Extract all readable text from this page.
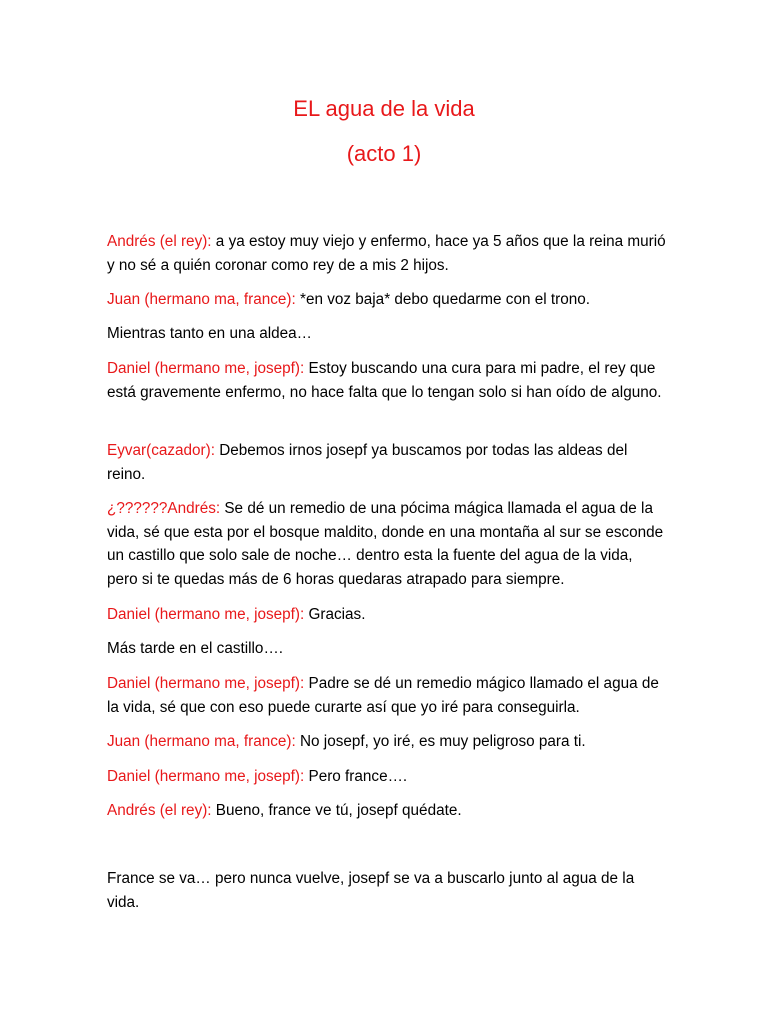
EL agua de la vida
(acto 1)

Andrés (el rey): a ya estoy muy viejo y enfermo, hace ya 5 años que la reina murió y no sé a quién coronar como rey de a mis 2 hijos.

Juan (hermano ma, france): *en voz baja* debo quedarme con el trono.

Mientras tanto en una aldea…

Daniel (hermano me, josepf): Estoy buscando una cura para mi padre, el rey que está gravemente enfermo, no hace falta que lo tengan solo si han oído de alguno.

Eyvar(cazador): Debemos irnos josepf ya buscamos por todas las aldeas del reino.

¿??????Andrés: Se dé un remedio de una pócima mágica llamada el agua de la vida, sé que esta por el bosque maldito, donde en una montaña al sur se esconde un castillo que solo sale de noche… dentro esta la fuente del agua de la vida, pero si te quedas más de 6 horas quedaras atrapado para siempre.

Daniel (hermano me, josepf): Gracias.

Más tarde en el castillo….

Daniel (hermano me, josepf): Padre se dé un remedio mágico llamado el agua de la vida, sé que con eso puede curarte así que yo iré para conseguirla.

Juan (hermano ma, france): No josepf, yo iré, es muy peligroso para ti.

Daniel (hermano me, josepf): Pero france….

Andrés (el rey): Bueno, france ve tú, josepf quédate.

France se va… pero nunca vuelve, josepf se va a buscarlo junto al agua de la vida.
